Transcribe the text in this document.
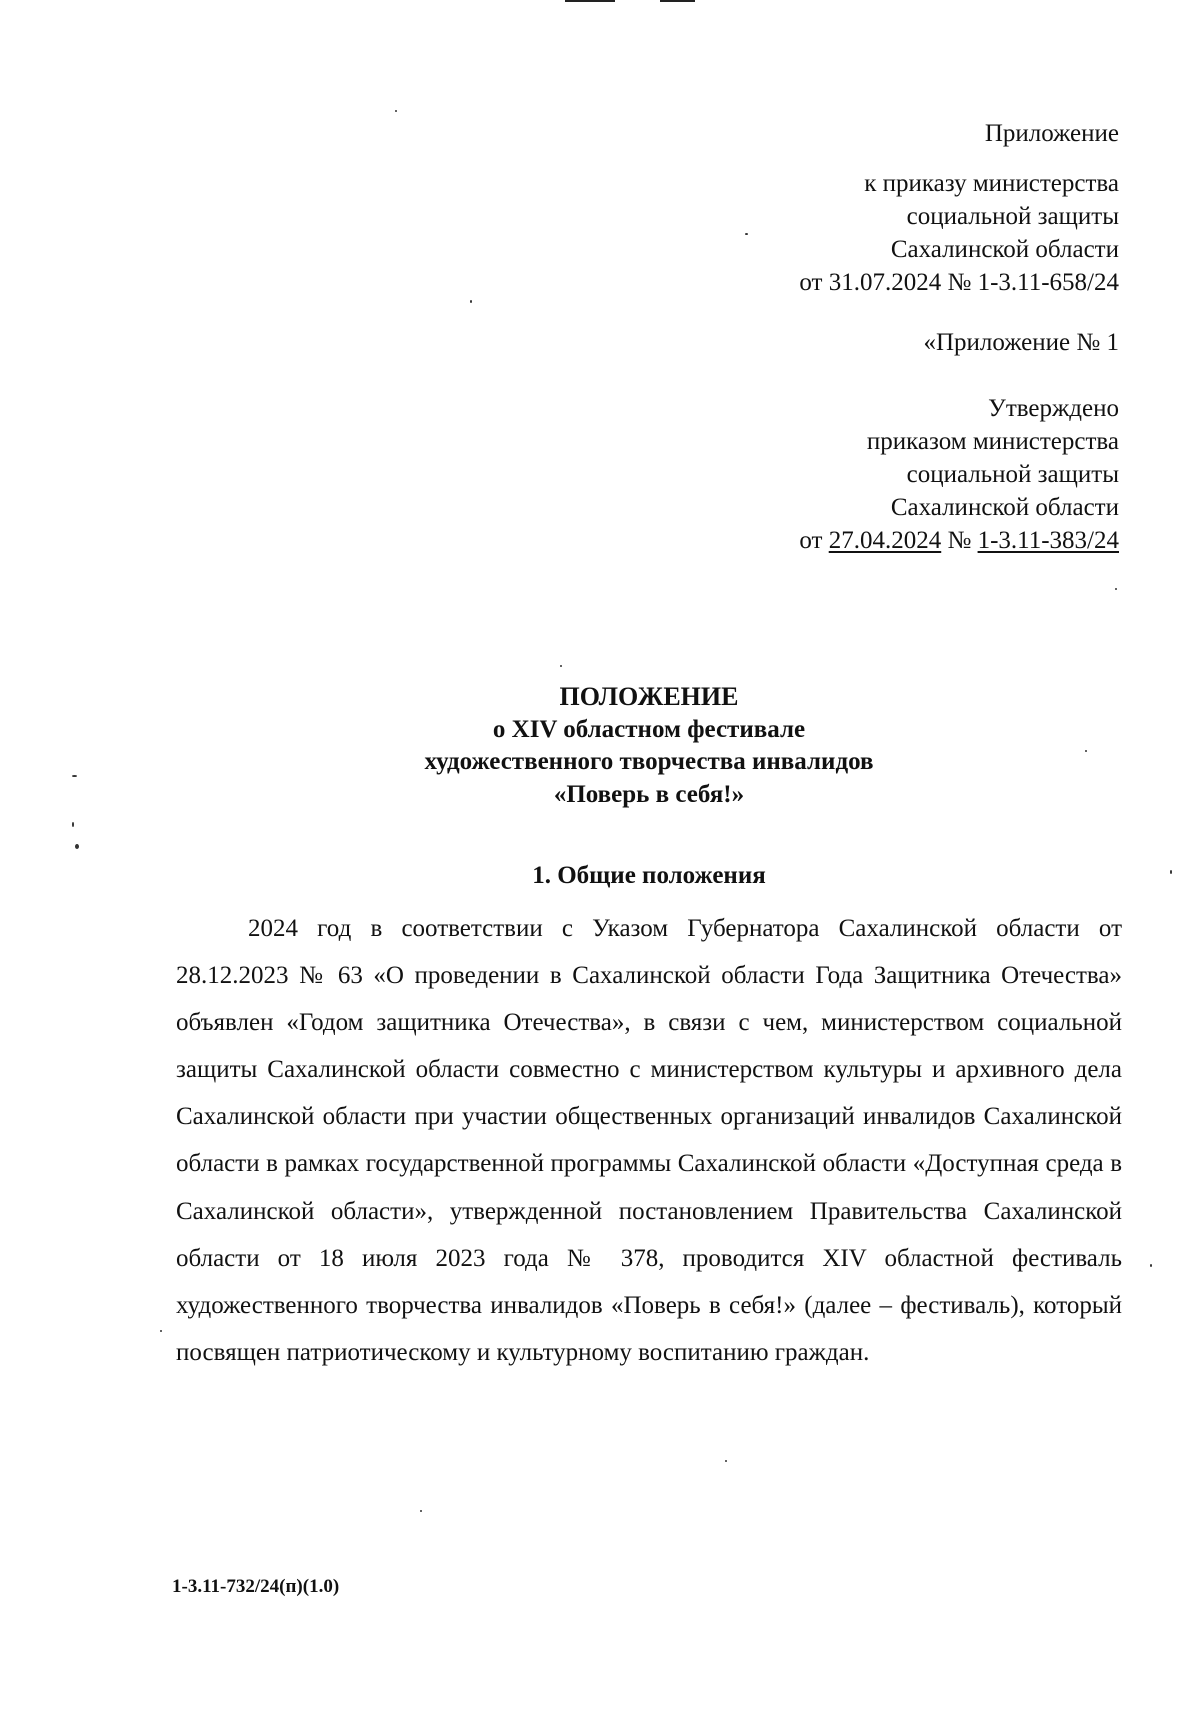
Приложение
к приказу министерства
социальной защиты
Сахалинской области
от 31.07.2024 № 1-3.11-658/24
«Приложение № 1
Утверждено
приказом министерства
социальной защиты
Сахалинской области
от 27.04.2024 № 1-3.11-383/24
ПОЛОЖЕНИЕ
о XIV областном фестивале
художественного творчества инвалидов
«Поверь в себя!»
1. Общие положения

2024 год в соответствии с Указом Губернатора Сахалинской области от 28.12.2023 № 63 «О проведении в Сахалинской области Года Защитника Отечества» объявлен «Годом защитника Отечества», в связи с чем, министерством социальной защиты Сахалинской области совместно с министерством культуры и архивного дела Сахалинской области при участии общественных организаций инвалидов Сахалинской области в рамках государственной программы Сахалинской области «Доступная среда в Сахалинской области», утвержденной постановлением Правительства Сахалинской области от 18 июля 2023 года № 378, проводится XIV областной фестиваль художественного творчества инвалидов «Поверь в себя!» (далее – фестиваль), который посвящен патриотическому и культурному воспитанию граждан.

1-3.11-732/24(п)(1.0)
